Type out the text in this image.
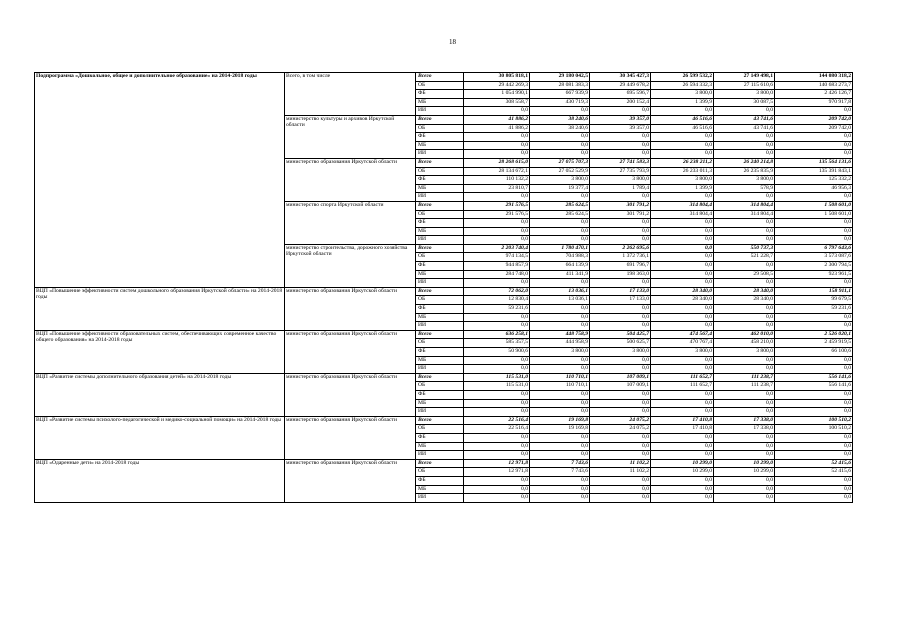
18
Подпрограмма «Дошкольное, общее и дополнительное образование» на 2014-2018 годы	Всего, в том числе	Всего	30 805 818,1	29 180 042,5	30 345 427,3	26 599 532,2	27 149 498,1	144 080 318,2
		ОБ	29 442 269,3	28 081 383,3	29 449 678,2	26 594 332,3	27 115 610,6	140 683 273,7
		ФБ	1 054 990,1	667 939,9	695 596,7	3 800,0	3 800,0	2 426 126,7
		МБ	308 558,7	430 719,3	200 152,4	1 399,9	30 087,5	970 917,8
		ИИ	0,0	0,0	0,0	0,0	0,0	0,0
	министерство культуры и архивов Иркутской области	Всего	41 886,2	38 240,6	39 357,0	46 516,6	43 741,6	209 742,0
		ОБ	41 886,2	38 240,6	39 357,0	46 516,6	43 741,6	209 742,0
		ФБ	0,0	0,0	0,0	0,0	0,0	0,0
		МБ	0,0	0,0	0,0	0,0	0,0	0,0
		ИИ	0,0	0,0	0,0	0,0	0,0	0,0
	министерство образования Иркутской области	Всего	28 268 615,0	27 075 707,3	27 741 583,3	26 238 211,2	26 240 214,8	135 564 131,6
		ОБ	28 134 672,1	27 052 529,9	27 735 793,9	26 233 011,3	26 235 835,9	135 391 843,1
		ФБ	110 132,2	3 800,0	3 800,0	3 800,0	3 800,0	125 332,2
		МБ	23 810,7	19 377,4	1 789,4	1 399,9	578,9	46 956,3
		ИИ	0,0	0,0	0,0	0,0	0,0	0,0
	министерство спорта Иркутской области	Всего	291 576,5	285 624,5	301 791,2	314 804,4	314 804,4	1 508 601,0
		ОБ	291 576,5	285 624,5	301 791,2	314 804,4	314 804,4	1 508 601,0
		ФБ	0,0	0,0	0,0	0,0	0,0	0,0
		МБ	0,0	0,0	0,0	0,0	0,0	0,0
		ИИ	0,0	0,0	0,0	0,0	0,0	0,0
	министерство строительства, дорожного хозяйства Иркутской области	Всего	2 203 740,4	1 780 470,1	2 262 695,6	0,0	550 737,3	6 797 643,6
		ОБ	974 134,5	704 988,3	1 372 736,1	0,0	521 228,7	3 573 087,6
		ФБ	944 857,9	664 139,9	691 796,7	0,0	0,0	2 300 794,5
		МБ	284 748,0	411 341,9	198 363,0	0,0	29 508,5	923 961,5
		ИИ	0,0	0,0	0,0	0,0	0,0	0,0
ВЦП «Повышение эффективности систем дошкольного образования Иркутской области» на 2014-2018 годы	министерство образования Иркутской области	Всего	72 062,0	13 036,1	17 133,0	28 340,0	28 340,0	158 911,1
		ОБ	12 830,4	13 036,1	17 133,0	28 340,0	28 340,0	99 679,5
		ФБ	59 231,6	0,0	0,0	0,0	0,0	59 231,6
		МБ	0,0	0,0	0,0	0,0	0,0	0,0
		ИИ	0,0	0,0	0,0	0,0	0,0	0,0
ВЦП «Повышение эффективности образовательных систем, обеспечивающих современное качество общего образования» на 2014-2018 годы	министерство образования Иркутской области	Всего	636 258,1	448 758,9	504 425,7	474 567,4	462 010,0	2 526 020,1
		ОБ	585 357,5	444 958,9	500 625,7	470 767,4	458 210,0	2 459 919,5
		ФБ	50 900,6	3 800,0	3 800,0	3 800,0	3 800,0	66 100,6
		МБ	0,0	0,0	0,0	0,0	0,0	0,0
		ИИ	0,0	0,0	0,0	0,0	0,0	0,0
ВЦП «Развитие системы дополнительного образования детей» на 2014-2018 годы	министерство образования Иркутской области	Всего	115 531,0	110 710,1	107 009,1	111 652,7	111 238,7	556 141,6
		ОБ	115 531,0	110 710,1	107 009,1	111 652,7	111 238,7	556 141,6
		ФБ	0,0	0,0	0,0	0,0	0,0	0,0
		МБ	0,0	0,0	0,0	0,0	0,0	0,0
		ИИ	0,0	0,0	0,0	0,0	0,0	0,0
ВЦП «Развитие системы психолого-педагогической и медико-социальной помощи» на 2014-2018 годы	министерство образования Иркутской области	Всего	22 516,4	19 169,8	24 075,2	17 410,8	17 338,0	100 510,2
		ОБ	22 516,4	19 169,8	24 075,2	17 410,8	17 338,0	100 510,2
		ФБ	0,0	0,0	0,0	0,0	0,0	0,0
		МБ	0,0	0,0	0,0	0,0	0,0	0,0
		ИИ	0,0	0,0	0,0	0,0	0,0	0,0
ВЦП «Одаренные дети» на 2014-2018 годы	министерство образования Иркутской области	Всего	12 971,8	7 743,6	11 102,2	10 299,0	10 299,0	52 415,6
		ОБ	12 971,8	7 743,6	11 102,2	10 299,0	10 299,0	52 415,6
		ФБ	0,0	0,0	0,0	0,0	0,0	0,0
		МБ	0,0	0,0	0,0	0,0	0,0	0,0
		ИИ	0,0	0,0	0,0	0,0	0,0	0,0
